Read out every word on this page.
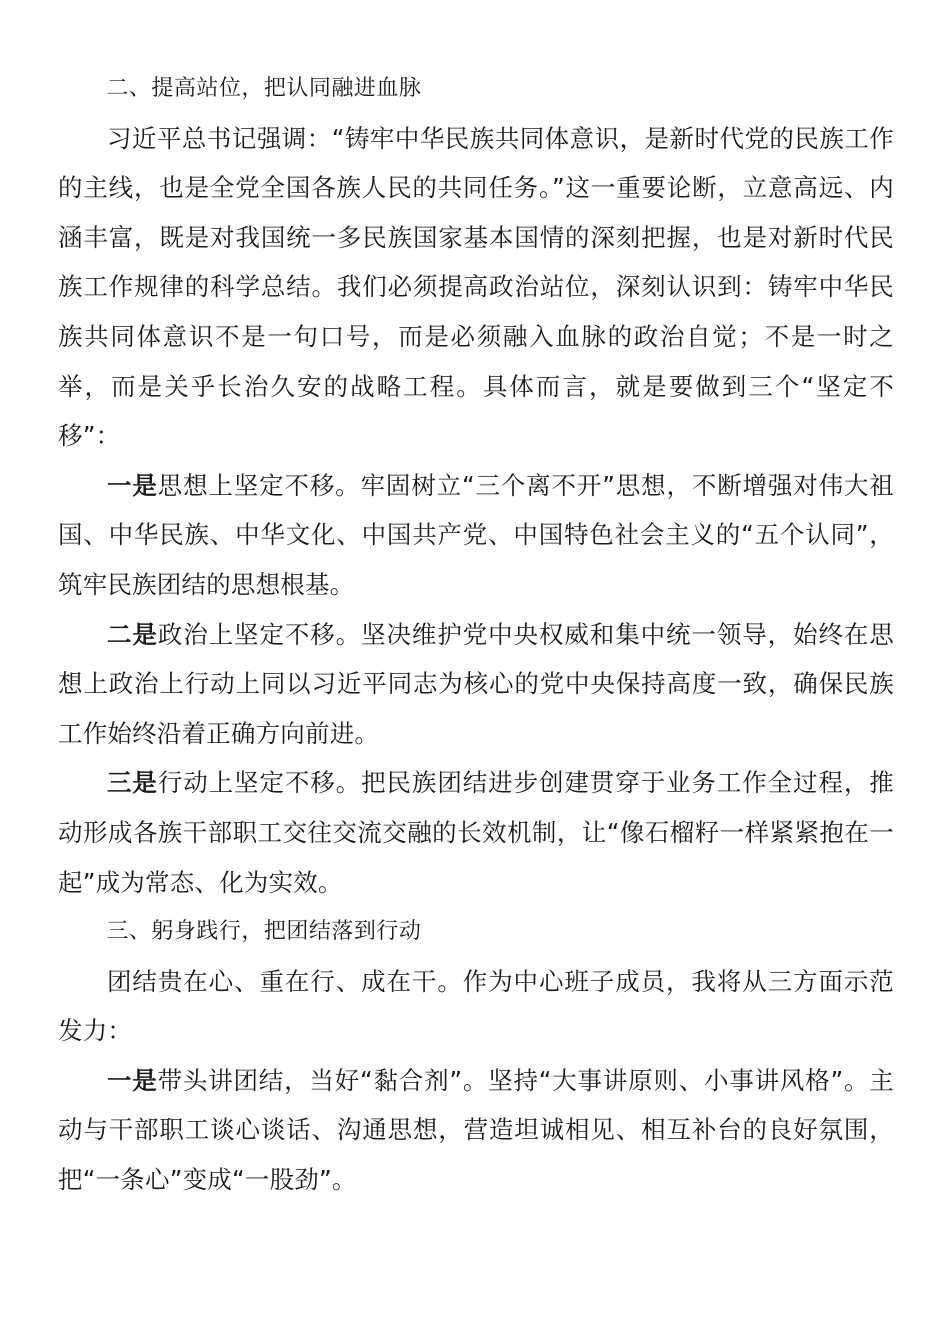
二、提高站位，把认同融进血脉

习近平总书记强调：“铸牢中华民族共同体意识，是新时代党的民族工作的主线，也是全党全国各族人民的共同任务。”这一重要论断，立意高远、内涵丰富，既是对我国统一多民族国家基本国情的深刻把握，也是对新时代民族工作规律的科学总结。我们必须提高政治站位，深刻认识到：铸牢中华民族共同体意识不是一句口号，而是必须融入血脉的政治自觉；不是一时之举，而是关乎长治久安的战略工程。具体而言，就是要做到三个“坚定不移”：

一是思想上坚定不移。牢固树立“三个离不开”思想，不断增强对伟大祖国、中华民族、中华文化、中国共产党、中国特色社会主义的“五个认同”，筑牢民族团结的思想根基。

二是政治上坚定不移。坚决维护党中央权威和集中统一领导，始终在思想上政治上行动上同以习近平同志为核心的党中央保持高度一致，确保民族工作始终沿着正确方向前进。

三是行动上坚定不移。把民族团结进步创建贯穿于业务工作全过程，推动形成各族干部职工交往交流交融的长效机制，让“像石榴籽一样紧紧抱在一起”成为常态、化为实效。

三、躬身践行，把团结落到行动

团结贵在心、重在行、成在干。作为中心班子成员，我将从三方面示范发力：

一是带头讲团结，当好“黏合剂”。坚持“大事讲原则、小事讲风格”。主动与干部职工谈心谈话、沟通思想，营造坦诚相见、相互补台的良好氛围，把“一条心”变成“一股劲”。
